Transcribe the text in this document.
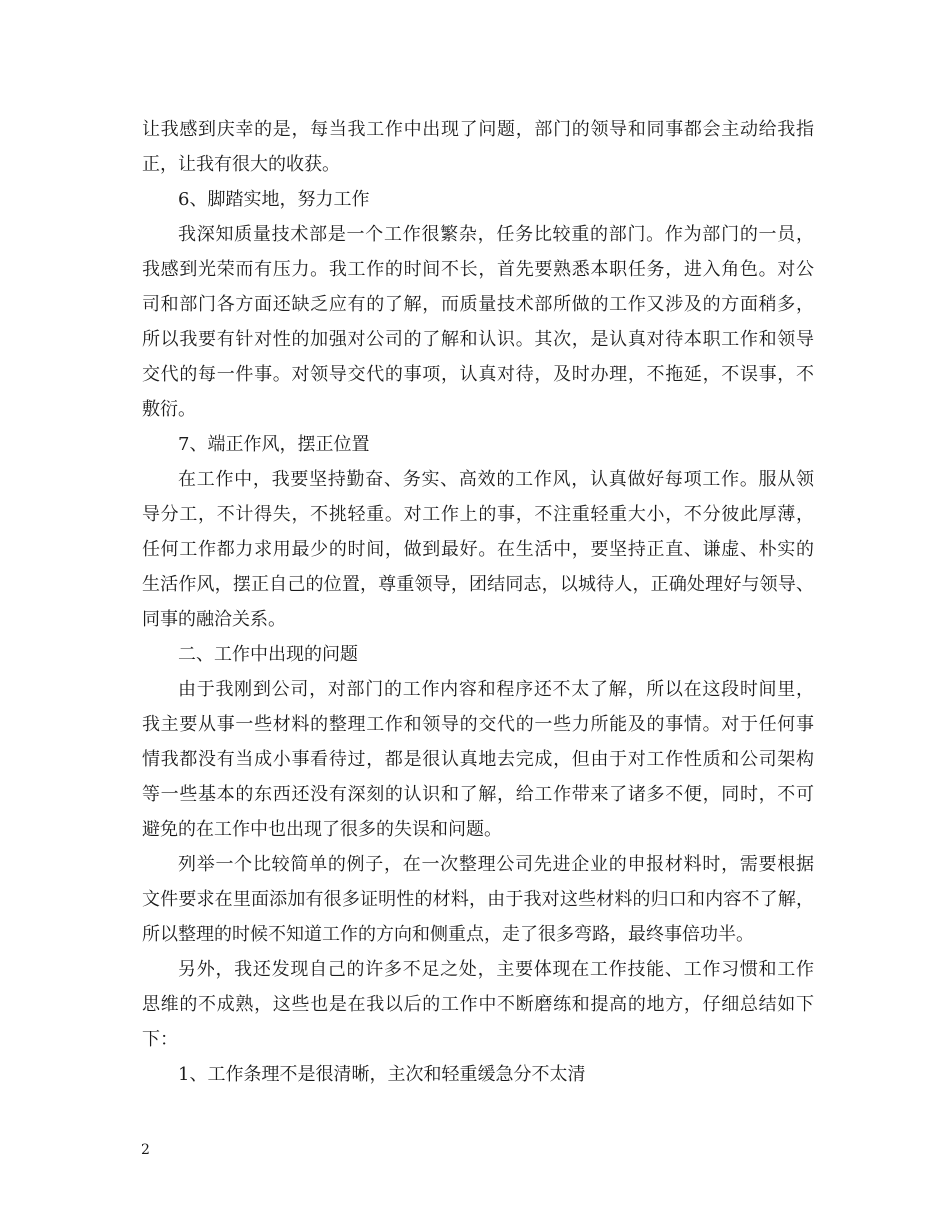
让我感到庆幸的是，每当我工作中出现了问题，部门的领导和同事都会主动给我指
正，让我有很大的收获。
6、脚踏实地，努力工作
我深知质量技术部是一个工作很繁杂，任务比较重的部门。作为部门的一员，
我感到光荣而有压力。我工作的时间不长，首先要熟悉本职任务，进入角色。对公
司和部门各方面还缺乏应有的了解，而质量技术部所做的工作又涉及的方面稍多，
所以我要有针对性的加强对公司的了解和认识。其次，是认真对待本职工作和领导
交代的每一件事。对领导交代的事项，认真对待，及时办理，不拖延，不误事，不
敷衍。
7、端正作风，摆正位置
在工作中，我要坚持勤奋、务实、高效的工作风，认真做好每项工作。服从领
导分工，不计得失，不挑轻重。对工作上的事，不注重轻重大小，不分彼此厚薄，
任何工作都力求用最少的时间，做到最好。在生活中，要坚持正直、谦虚、朴实的
生活作风，摆正自己的位置，尊重领导，团结同志，以城待人，正确处理好与领导、
同事的融洽关系。
二、工作中出现的问题
由于我刚到公司，对部门的工作内容和程序还不太了解，所以在这段时间里，
我主要从事一些材料的整理工作和领导的交代的一些力所能及的事情。对于任何事
情我都没有当成小事看待过，都是很认真地去完成，但由于对工作性质和公司架构
等一些基本的东西还没有深刻的认识和了解，给工作带来了诸多不便，同时，不可
避免的在工作中也出现了很多的失误和问题。
列举一个比较简单的例子，在一次整理公司先进企业的申报材料时，需要根据
文件要求在里面添加有很多证明性的材料，由于我对这些材料的归口和内容不了解，
所以整理的时候不知道工作的方向和侧重点，走了很多弯路，最终事倍功半。
另外，我还发现自己的许多不足之处，主要体现在工作技能、工作习惯和工作
思维的不成熟，这些也是在我以后的工作中不断磨练和提高的地方，仔细总结如下
下：
1、工作条理不是很清晰，主次和轻重缓急分不太清
2
